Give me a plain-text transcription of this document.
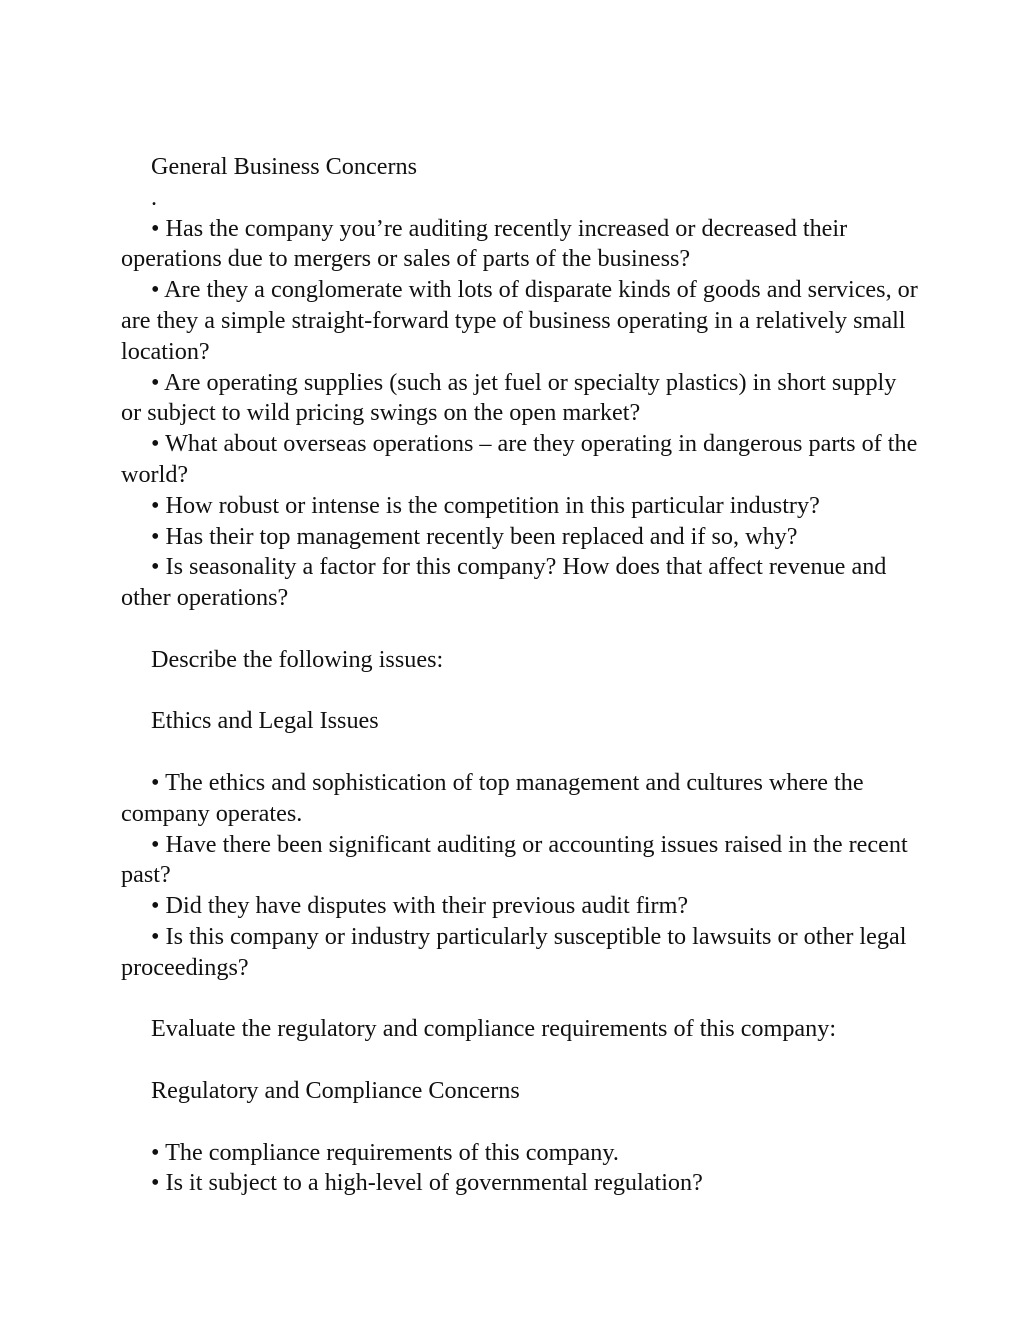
General Business Concerns

.

• Has the company you’re auditing recently increased or decreased their operations due to mergers or sales of parts of the business?

• Are they a conglomerate with lots of disparate kinds of goods and services, or are they a simple straight-forward type of business operating in a relatively small location?

• Are operating supplies (such as jet fuel or specialty plastics) in short supply or subject to wild pricing swings on the open market?

• What about overseas operations – are they operating in dangerous parts of the world?

• How robust or intense is the competition in this particular industry?

• Has their top management recently been replaced and if so, why?

• Is seasonality a factor for this company? How does that affect revenue and other operations?

Describe the following issues:

Ethics and Legal Issues

• The ethics and sophistication of top management and cultures where the company operates.

• Have there been significant auditing or accounting issues raised in the recent past?

• Did they have disputes with their previous audit firm?

• Is this company or industry particularly susceptible to lawsuits or other legal proceedings?

Evaluate the regulatory and compliance requirements of this company:

Regulatory and Compliance Concerns

• The compliance requirements of this company.

• Is it subject to a high-level of governmental regulation?
